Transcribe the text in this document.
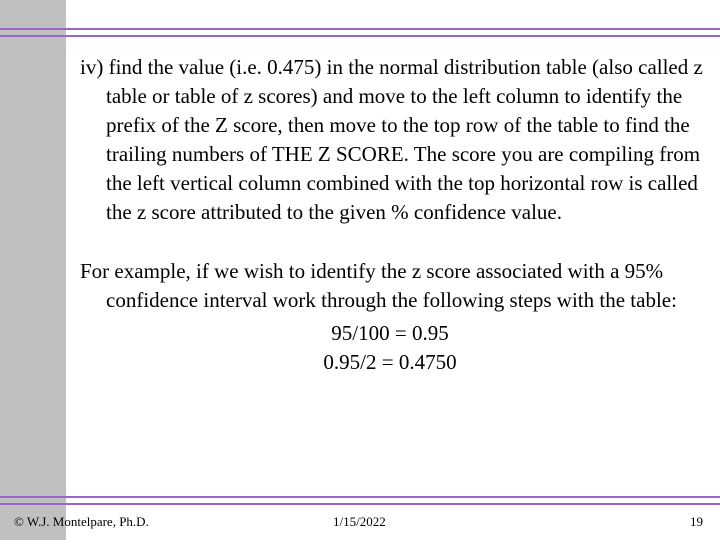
iv) find the value (i.e. 0.475) in the normal distribution table (also called z table or table of z scores) and move to the left column to identify the prefix of the Z score, then move to the top row of the table to find the trailing numbers of THE Z SCORE. The score you are compiling from the left vertical column combined with the top horizontal row is called the z score attributed to the given % confidence value.

For example, if we wish to identify the z score associated with a 95% confidence interval work through the following steps with the table:

95/100 = 0.95
0.95/2 = 0.4750
© W.J. Montelpare, Ph.D.	1/15/2022	19
